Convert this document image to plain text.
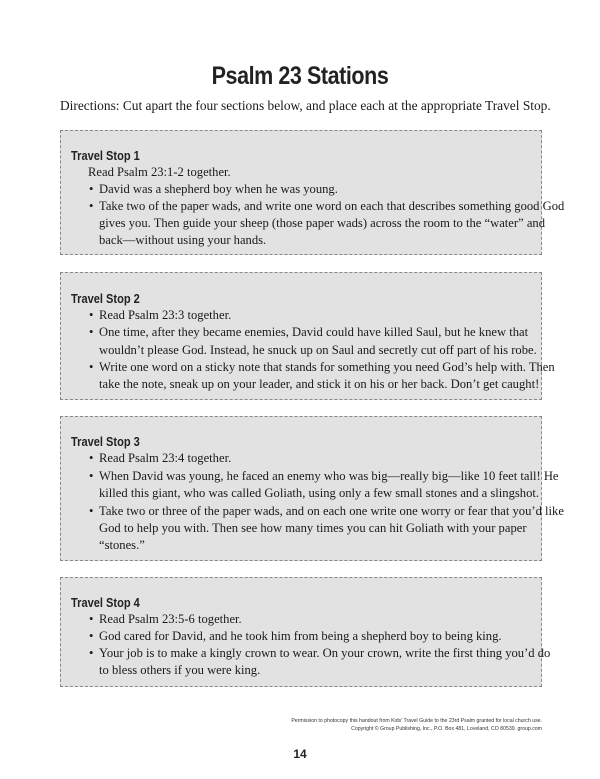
Psalm 23 Stations
Directions: Cut apart the four sections below, and place each at the appropriate Travel Stop.
Travel Stop 1
Read Psalm 23:1-2 together.
• David was a shepherd boy when he was young.
• Take two of the paper wads, and write one word on each that describes something good God
gives you. Then guide your sheep (those paper wads) across the room to the “water” and
back—without using your hands.
Travel Stop 2
• Read Psalm 23:3 together.
• One time, after they became enemies, David could have killed Saul, but he knew that
wouldn’t please God. Instead, he snuck up on Saul and secretly cut off part of his robe.
• Write one word on a sticky note that stands for something you need God’s help with. Then
take the note, sneak up on your leader, and stick it on his or her back. Don’t get caught!
Travel Stop 3
• Read Psalm 23:4 together.
• When David was young, he faced an enemy who was big—really big—like 10 feet tall! He
killed this giant, who was called Goliath, using only a few small stones and a slingshot.
• Take two or three of the paper wads, and on each one write one worry or fear that you’d like
God to help you with. Then see how many times you can hit Goliath with your paper
“stones.”
Travel Stop 4
• Read Psalm 23:5-6 together.
• God cared for David, and he took him from being a shepherd boy to being king.
• Your job is to make a kingly crown to wear. On your crown, write the first thing you’d do
to bless others if you were king.
Permission to photocopy this handout from Kids’ Travel Guide to the 23rd Psalm granted for local church use.
Copyright © Group Publishing, Inc., P.O. Box 481, Loveland, CO 80539. group.com
14
